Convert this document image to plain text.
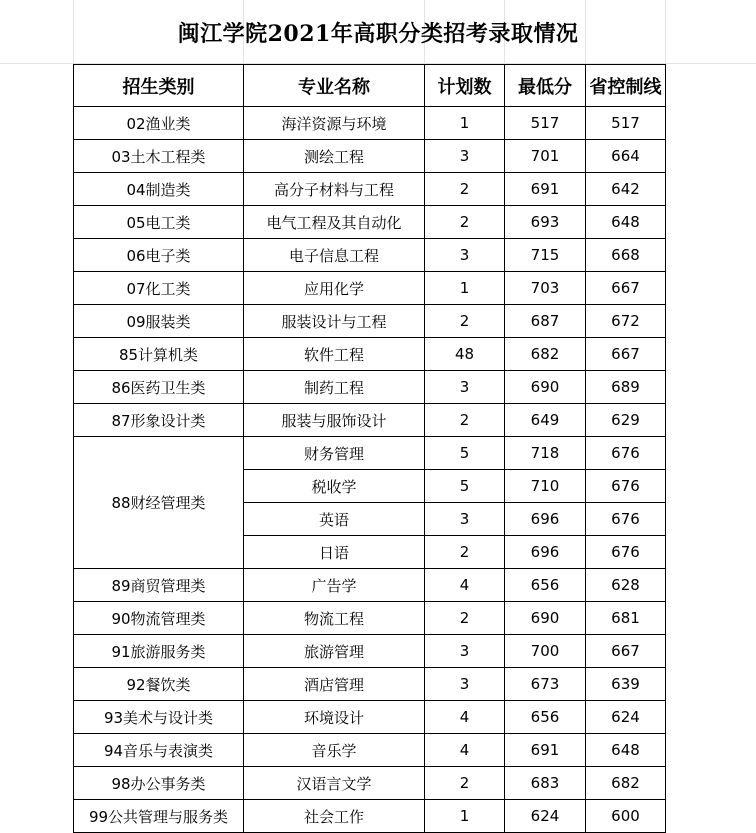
闽江学院2021年高职分类招考录取情况
招生类别	专业名称	计划数	最低分	省控制线
02渔业类	海洋资源与环境	1	517	517
03土木工程类	测绘工程	3	701	664
04制造类	高分子材料与工程	2	691	642
05电工类	电气工程及其自动化	2	693	648
06电子类	电子信息工程	3	715	668
07化工类	应用化学	1	703	667
09服装类	服装设计与工程	2	687	672
85计算机类	软件工程	48	682	667
86医药卫生类	制药工程	3	690	689
87形象设计类	服装与服饰设计	2	649	629
88财经管理类	财务管理	5	718	676
	税收学	5	710	676
	英语	3	696	676
	日语	2	696	676
89商贸管理类	广告学	4	656	628
90物流管理类	物流工程	2	690	681
91旅游服务类	旅游管理	3	700	667
92餐饮类	酒店管理	3	673	639
93美术与设计类	环境设计	4	656	624
94音乐与表演类	音乐学	4	691	648
98办公事务类	汉语言文学	2	683	682
99公共管理与服务类	社会工作	1	624	600
